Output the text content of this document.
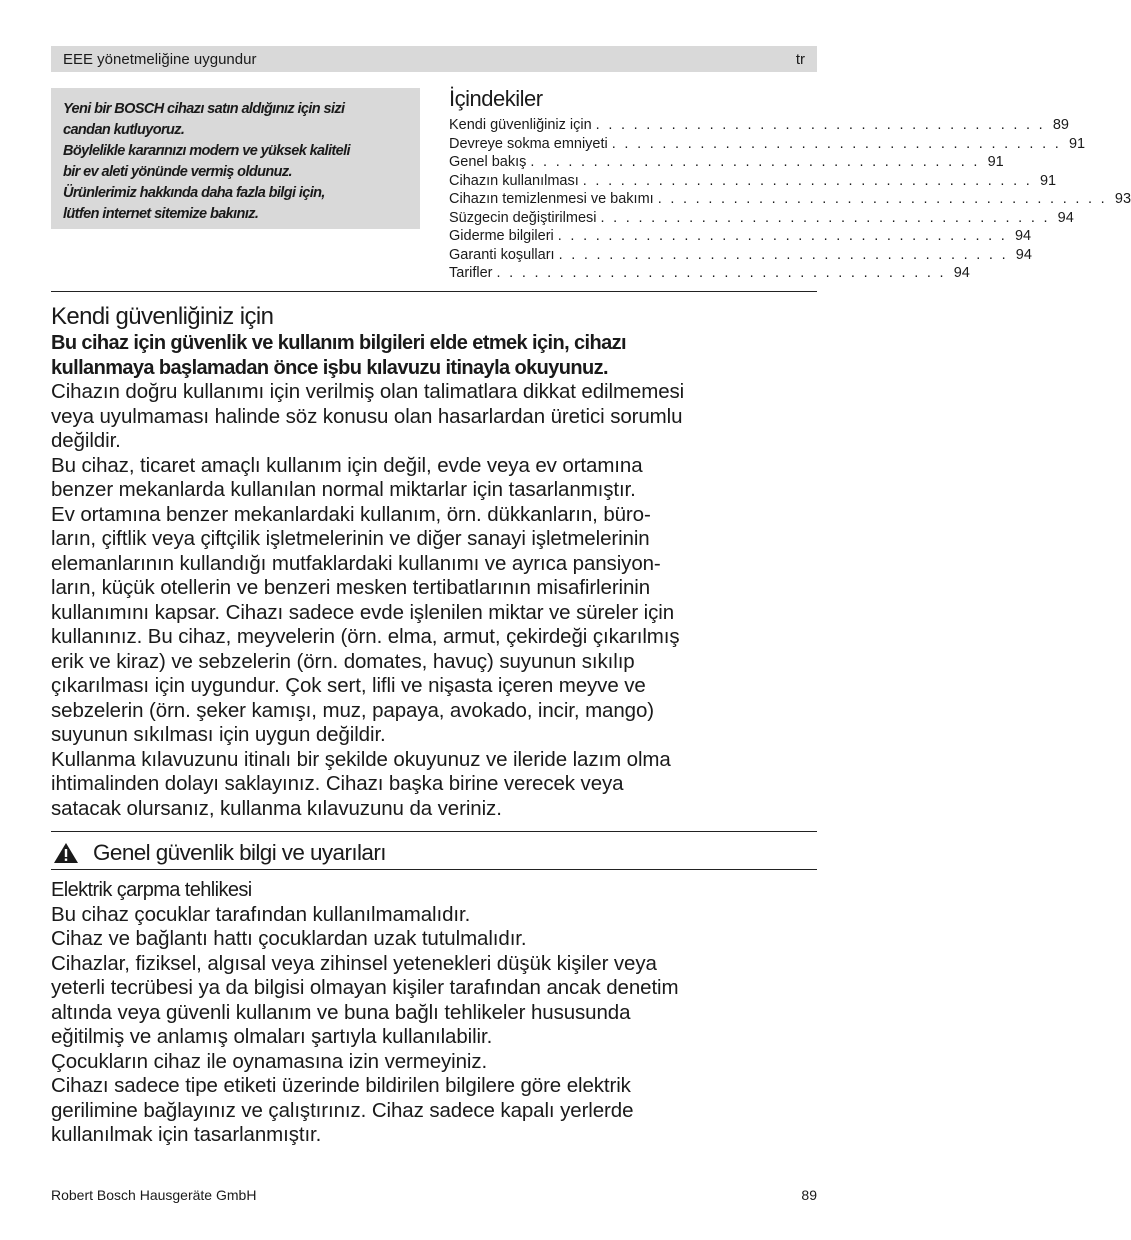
EEE yönetmeliğine uygundur	tr
Yeni bir BOSCH cihazı satın aldığınız için sizi
candan kutluyoruz.
Böylelikle kararınızı modern ve yüksek kaliteli
bir ev aleti yönünde vermiş oldunuz.
Ürünlerimiz hakkında daha fazla bilgi için,
lütfen internet sitemize bakınız.
İçindekiler
Kendi güvenliğiniz için . . . . . . . . . . . . . . . . . . . . . . . . . . . . . . . . . . . . 89
Devreye sokma emniyeti . . . . . . . . . . . . . . . . . . . . . . . . . . . . . . . . . . . . 91
Genel bakış . . . . . . . . . . . . . . . . . . . . . . . . . . . . . . . . . . . . 91
Cihazın kullanılması . . . . . . . . . . . . . . . . . . . . . . . . . . . . . . . . . . . . 91
Cihazın temizlenmesi ve bakımı . . . . . . . . . . . . . . . . . . . . . . . . . . . . . . . . . . . . 93
Süzgecin değiştirilmesi . . . . . . . . . . . . . . . . . . . . . . . . . . . . . . . . . . . . 94
Giderme bilgileri . . . . . . . . . . . . . . . . . . . . . . . . . . . . . . . . . . . . 94
Garanti koşulları . . . . . . . . . . . . . . . . . . . . . . . . . . . . . . . . . . . . 94
Tarifler . . . . . . . . . . . . . . . . . . . . . . . . . . . . . . . . . . . . 94
Kendi güvenliğiniz için
Bu cihaz için güvenlik ve kullanım bilgileri elde etmek için, cihazı
kullanmaya başlamadan önce işbu kılavuzu itinayla okuyunuz.
Cihazın doğru kullanımı için verilmiş olan talimatlara dikkat edilmemesi
veya uyulmaması halinde söz konusu olan hasarlardan üretici sorumlu
değildir.
Bu cihaz, ticaret amaçlı kullanım için değil, evde veya ev ortamına
benzer mekanlarda kullanılan normal miktarlar için tasarlanmıştır.
Ev ortamına benzer mekanlardaki kullanım, örn. dükkanların, büro-
ların, çiftlik veya çiftçilik işletmelerinin ve diğer sanayi işletmelerinin
elemanlarının kullandığı mutfaklardaki kullanımı ve ayrıca pansiyon-
ların, küçük otellerin ve benzeri mesken tertibatlarının misafirlerinin
kullanımını kapsar. Cihazı sadece evde işlenilen miktar ve süreler için
kullanınız. Bu cihaz, meyvelerin (örn. elma, armut, çekirdeği çıkarılmış
erik ve kiraz) ve sebzelerin (örn. domates, havuç) suyunun sıkılıp
çıkarılması için uygundur. Çok sert, lifli ve nişasta içeren meyve ve
sebzelerin (örn. şeker kamışı, muz, papaya, avokado, incir, mango)
suyunun sıkılması için uygun değildir.
Kullanma kılavuzunu itinalı bir şekilde okuyunuz ve ileride lazım olma
ihtimalinden dolayı saklayınız. Cihazı başka birine verecek veya
satacak olursanız, kullanma kılavuzunu da veriniz.
Genel güvenlik bilgi ve uyarıları
Elektrik çarpma tehlikesi
Bu cihaz çocuklar tarafından kullanılmamalıdır.
Cihaz ve bağlantı hattı çocuklardan uzak tutulmalıdır.
Cihazlar, fiziksel, algısal veya zihinsel yetenekleri düşük kişiler veya
yeterli tecrübesi ya da bilgisi olmayan kişiler tarafından ancak denetim
altında veya güvenli kullanım ve buna bağlı tehlikeler hususunda
eğitilmiş ve anlamış olmaları şartıyla kullanılabilir.
Çocukların cihaz ile oynamasına izin vermeyiniz.
Cihazı sadece tipe etiketi üzerinde bildirilen bilgilere göre elektrik
gerilimine bağlayınız ve çalıştırınız. Cihaz sadece kapalı yerlerde
kullanılmak için tasarlanmıştır.
Robert Bosch Hausgeräte GmbH	89
